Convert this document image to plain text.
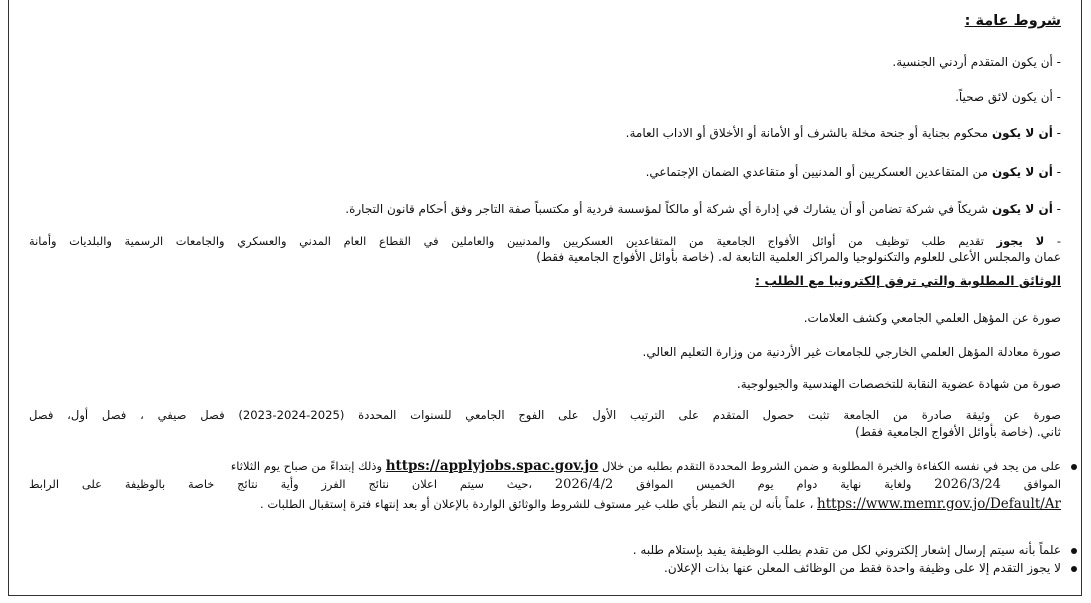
شروط عامة :
- أن يكون المتقدم أردني الجنسية.
- أن يكون لائق صحياً.
- أن لا يكون محكوم بجناية أو جنحة مخلة بالشرف أو الأمانة أو الأخلاق أو الاداب العامة.
- أن لا يكون من المتقاعدين العسكريين أو المدنيين أو متقاعدي الضمان الإجتماعي.
- أن لا يكون شريكاً في شركة تضامن أو أن يشارك في إدارة أي شركة أو مالكاً لمؤسسة فردية أو مكتسباً صفة التاجر وفق أحكام قانون التجارة.
- لا يجوز تقديم طلب توظيف من أوائل الأفواج الجامعية من المتقاعدين العسكريين والمدنيين والعاملين في القطاع العام المدني والعسكري والجامعات الرسمية والبلديات وأمانة
عمان والمجلس الأعلى للعلوم والتكنولوجيا والمراكز العلمية التابعة له. (خاصة بأوائل الأفواج الجامعية فقط)
الوثائق المطلوبة والتي ترفق إلكترونيا مع الطلب :
صورة عن المؤهل العلمي الجامعي وكشف العلامات.
صورة معادلة المؤهل العلمي الخارجي للجامعات غير الأردنية من وزارة التعليم العالي.
صورة من شهادة عضوية النقابة للتخصصات الهندسية والجيولوجية.
صورة عن وثيقة صادرة من الجامعة تثبت حصول المتقدم على الترتيب الأول على الفوج الجامعي للسنوات المحددة (2025-2024-2023) فصل صيفي ، فصل أول، فصل
ثاني. (خاصة بأوائل الأفواج الجامعية فقط)
على من يجد في نفسه الكفاءة والخبرة المطلوبة و ضمن الشروط المحددة التقدم بطلبه من خلال https://applyjobs.spac.gov.jo وذلك إبتداءً من صباح يوم الثلاثاء
الموافق 2026/3/24 ولغاية نهاية دوام يوم الخميس الموافق 2026/4/2 ،حيث سيتم اعلان نتائج الفرز وأية نتائج خاصة بالوظيفة على الرابط
https://www.memr.gov.jo/Default/Ar ، علماً بأنه لن يتم النظر بأي طلب غير مستوف للشروط والوثائق الواردة بالإعلان أو بعد إنتهاء فترة إستقبال الطلبات .
علماً بأنه سيتم إرسال إشعار إلكتروني لكل من تقدم بطلب الوظيفة يفيد بإستلام طلبه .
لا يجوز التقدم إلا على وظيفة واحدة فقط من الوظائف المعلن عنها بذات الإعلان.
